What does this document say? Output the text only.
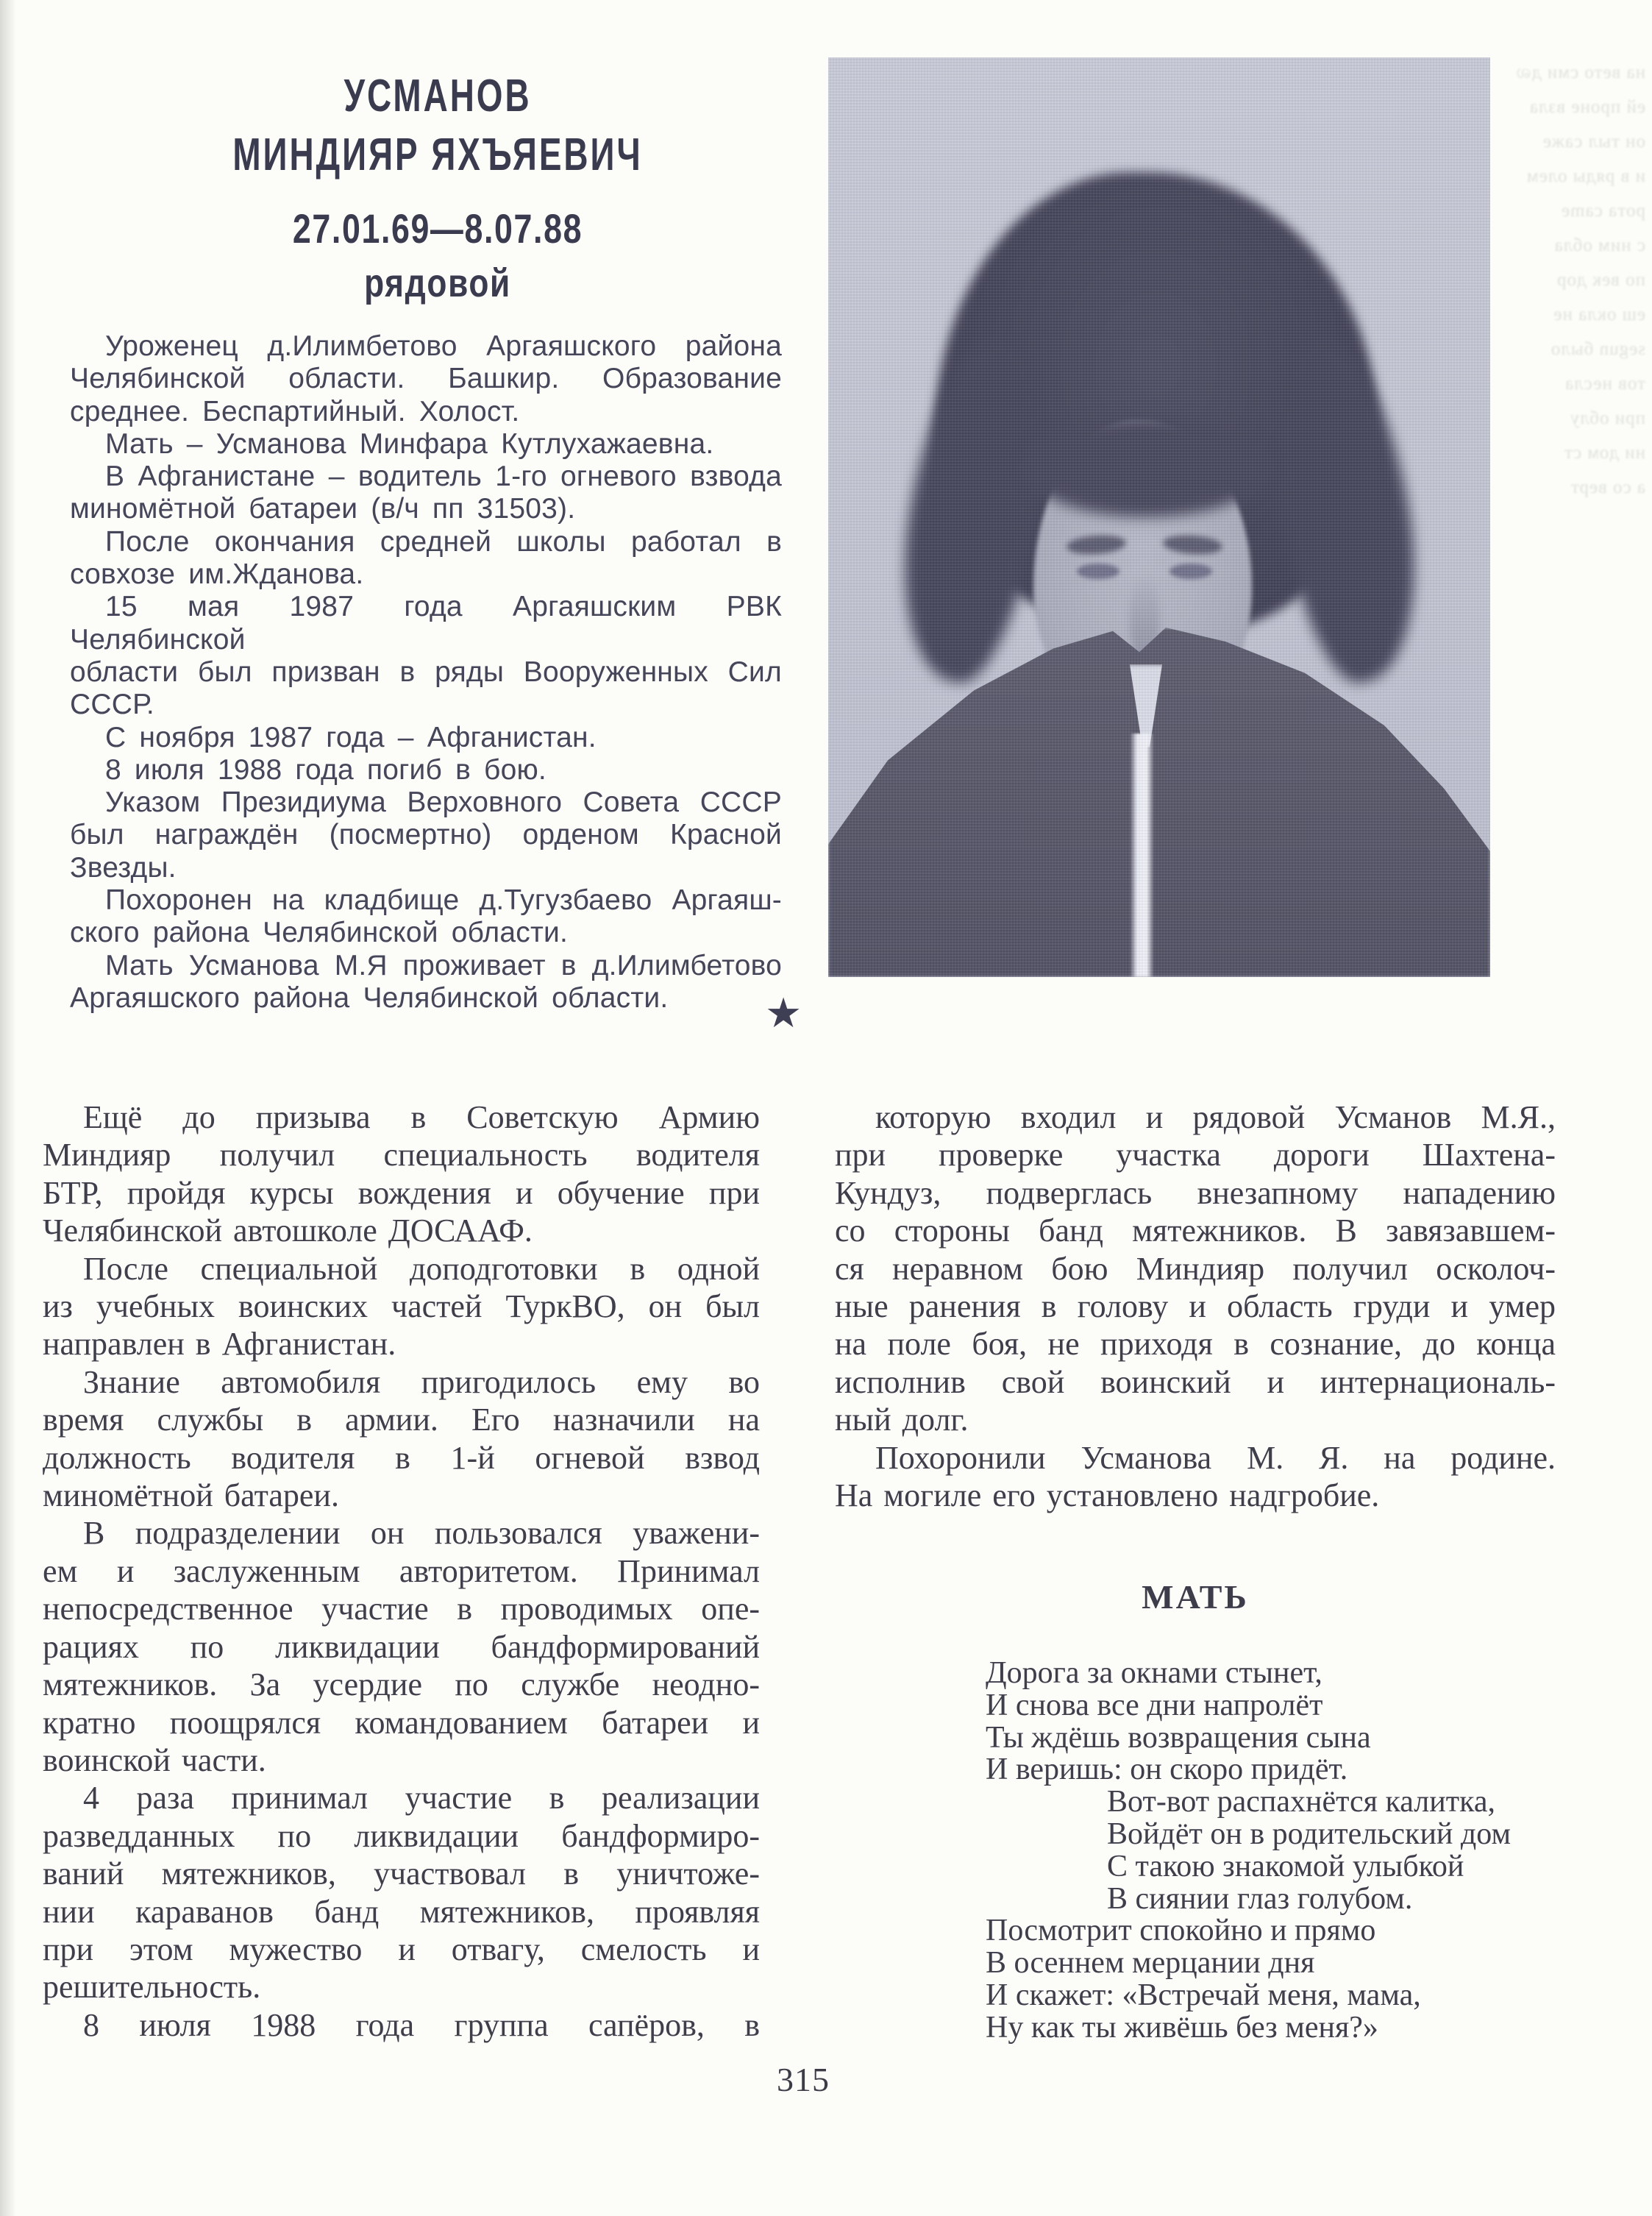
УСМАНОВ
МИНДИЯР ЯХЪЯЕВИЧ
27.01.69—8.07.88
рядовой
на вето сми дல
ей проне взла
он тыл саже
и в ряды олем
рота came
с ним обла
по век дор
еш окла не
segun было
тов несла
при облу
ни дом ст
а со верт
Уроженец д.Илимбетово Аргаяшского района
Челябинской области. Башкир. Образование
среднее. Беспартийный. Холост.
Мать – Усманова Минфара Кутлухажаевна.
В Афганистане – водитель 1-го огневого взвода
миномётной батареи (в/ч пп 31503).
После окончания средней школы работал в
совхозе им.Жданова.
15 мая 1987 года Аргаяшским РВК Челябинской
области был призван в ряды Вооруженных Сил
СССР.
С ноября 1987 года – Афганистан.
8 июля 1988 года погиб в бою.
Указом Президиума Верховного Совета СССР
был награждён (посмертно) орденом Красной
Звезды.
Похоронен на кладбище д.Тугузбаево Аргаяш-
ского района Челябинской области.
Мать Усманова М.Я проживает в д.Илимбетово
Аргаяшского района Челябинской области.	★
Ещё до призыва в Советскую Армию
Миндияр получил специальность водителя
БТР, пройдя курсы вождения и обучение при
Челябинской автошколе ДОСААФ.
После специальной доподготовки в одной
из учебных воинских частей ТуркВО, он был
направлен в Афганистан.
Знание автомобиля пригодилось ему во
время службы в армии. Его назначили на
должность водителя в 1-й огневой взвод
миномётной батареи.
В подразделении он пользовался уважени-
ем и заслуженным авторитетом. Принимал
непосредственное участие в проводимых опе-
рациях по ликвидации бандформирований
мятежников. За усердие по службе неодно-
кратно поощрялся командованием батареи и
воинской части.
4 раза принимал участие в реализации
разведданных по ликвидации бандформиро-
ваний мятежников, участвовал в уничтоже-
нии караванов банд мятежников, проявляя
при этом мужество и отвагу, смелость и
решительность.
8 июля 1988 года группа сапёров, в
которую входил и рядовой Усманов М.Я.,
при проверке участка дороги Шахтена-
Кундуз, подверглась внезапному нападению
со стороны банд мятежников. В завязавшем-
ся неравном бою Миндияр получил осколоч-
ные ранения в голову и область груди и умер
на поле боя, не приходя в сознание, до конца
исполнив свой воинский и интернациональ-
ный долг.
Похоронили Усманова М. Я. на родине.
На могиле его установлено надгробие.
МАТЬ
Дорога за окнами стынет,
И снова все дни напролёт
Ты ждёшь возвращения сына
И веришь: он скоро придёт.
Вот-вот распахнётся калитка,
Войдёт он в родительский дом
С такою знакомой улыбкой
В сиянии глаз голубом.
Посмотрит спокойно и прямо
В осеннем мерцании дня
И скажет: «Встречай меня, мама,
Ну как ты живёшь без меня?»
315
